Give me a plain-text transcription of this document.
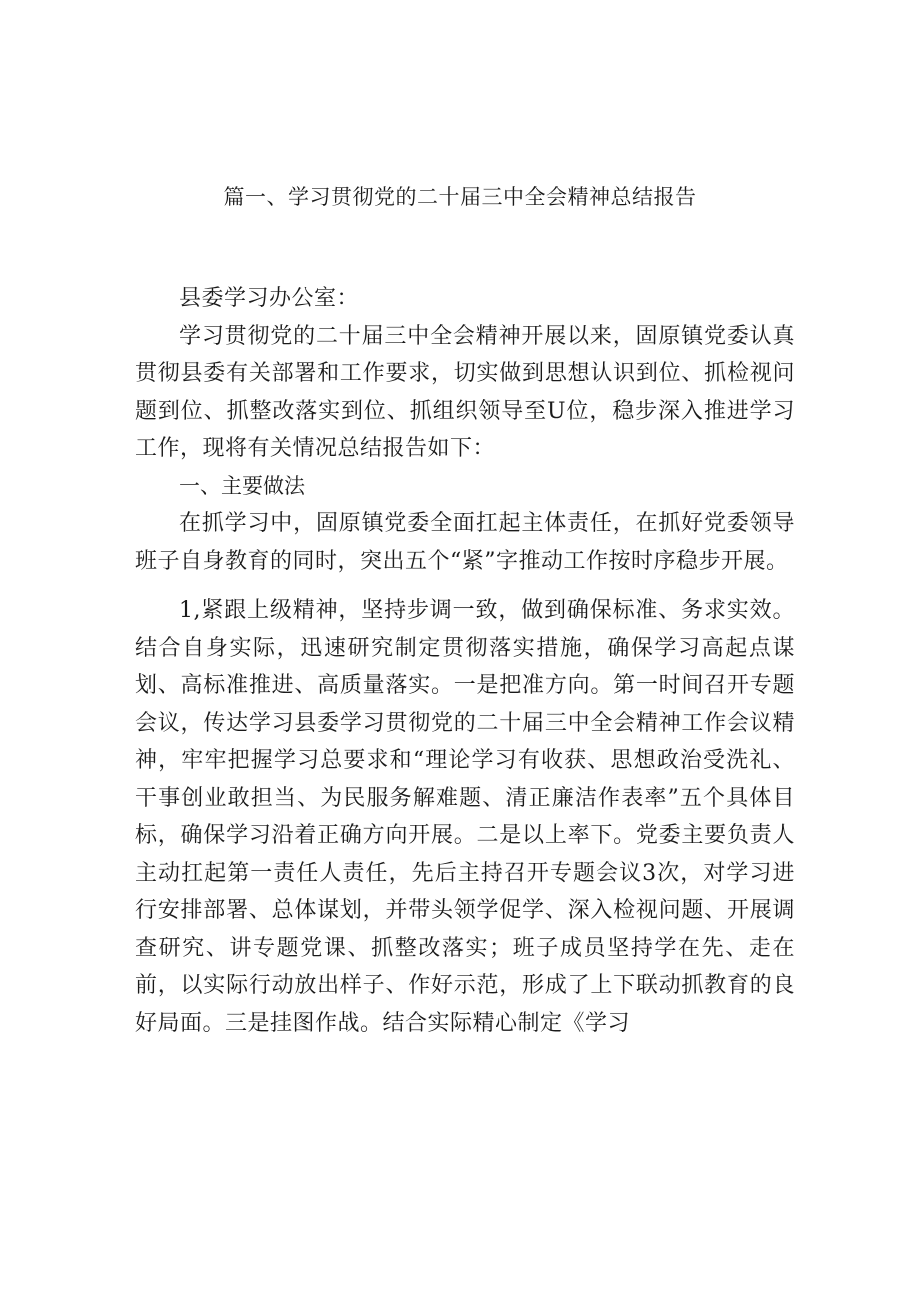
篇一、学习贯彻党的二十届三中全会精神总结报告

县委学习办公室：

学习贯彻党的二十届三中全会精神开展以来，固原镇党委认真贯彻县委有关部署和工作要求，切实做到思想认识到位、抓检视问题到位、抓整改落实到位、抓组织领导至U位，稳步深入推进学习工作，现将有关情况总结报告如下：

一、主要做法

在抓学习中，固原镇党委全面扛起主体责任，在抓好党委领导班子自身教育的同时，突出五个“紧”字推动工作按时序稳步开展。

1,紧跟上级精神，坚持步调一致，做到确保标准、务求实效。结合自身实际，迅速研究制定贯彻落实措施，确保学习高起点谋划、高标准推进、高质量落实。一是把准方向。第一时间召开专题会议，传达学习县委学习贯彻党的二十届三中全会精神工作会议精神，牢牢把握学习总要求和“理论学习有收获、思想政治受洗礼、干事创业敢担当、为民服务解难题、清正廉洁作表率”五个具体目标，确保学习沿着正确方向开展。二是以上率下。党委主要负责人主动扛起第一责任人责任，先后主持召开专题会议3次，对学习进行安排部署、总体谋划，并带头领学促学、深入检视问题、开展调查研究、讲专题党课、抓整改落实；班子成员坚持学在先、走在前，以实际行动放出样子、作好示范，形成了上下联动抓教育的良好局面。三是挂图作战。结合实际精心制定《学习
